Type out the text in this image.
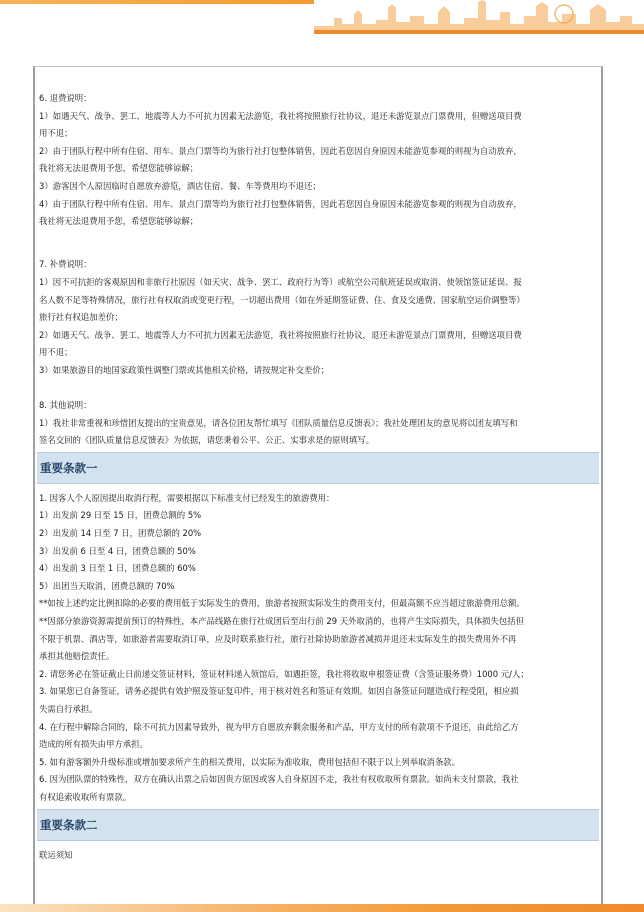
6. 退费说明：

1）如遇天气、战争、罢工、地震等人力不可抗力因素无法游览，我社将按照旅行社协议，退还未游览景点门票费用，但赠送项目费

用不退；

2）由于团队行程中所有住宿、用车、景点门票等均为旅行社打包整体销售，因此若您因自身原因未能游览参观的则视为自动放弃，

我社将无法退费用予您，希望您能够谅解；

3）游客因个人原因临时自愿放弃游览，酒店住宿、餐、车等费用均不退还；

4）由于团队行程中所有住宿、用车、景点门票等均为旅行社打包整体销售，因此若您因自身原因未能游览参观的则视为自动放弃，

我社将无法退费用予您，希望您能够谅解；

7. 补费说明：

1）因不可抗拒的客观原因和非旅行社原因（如天灾、战争、罢工、政府行为等）或航空公司航班延误或取消、使领馆签证延误、报

名人数不足等特殊情况，旅行社有权取消或变更行程，一切超出费用（如在外延期签证费、住、食及交通费、国家航空运价调整等）

旅行社有权追加差价；

2）如遇天气、战争、罢工、地震等人力不可抗力因素无法游览，我社将按照旅行社协议，退还未游览景点门票费用，但赠送项目费

用不退；

3）如果旅游目的地国家政策性调整门票或其他相关价格，请按规定补交差价；

8. 其他说明：

1）我社非常重视和珍惜团友提出的宝贵意见，请各位团友帮忙填写《团队质量信息反馈表》；我社处理团友的意见将以团友填写和

签名交回的《团队质量信息反馈表》为依据，请您秉着公平、公正、实事求是的原则填写。

重要条款一

1. 因客人个人原因提出取消行程，需要根据以下标准支付已经发生的旅游费用：

1）出发前 29 日至 15 日，团费总额的 5%

2）出发前 14 日至 7 日，团费总额的 20%

3）出发前 6 日至 4 日，团费总额的 50%

4）出发前 3 日至 1 日，团费总额的 60%

5）出团当天取消，团费总额的 70%

**如按上述约定比例扣除的必要的费用低于实际发生的费用，旅游者按照实际发生的费用支付，但最高额不应当超过旅游费用总额。

**因部分旅游资源需提前预订的特殊性，本产品线路在旅行社成团后至出行前 29 天外取消的，也将产生实际损失，具体损失包括但

不限于机票、酒店等，如旅游者需要取消订单，应及时联系旅行社，旅行社除协助旅游者减损并退还未实际发生的损失费用外不再

承担其他赔偿责任。

2. 请您务必在签证截止日前递交签证材料，签证材料递入领馆后，如遇拒签，我社将收取申根签证费（含签证服务费）1000 元/人；

3. 如果您已自备签证，请务必提供有效护照及签证复印件，用于核对姓名和签证有效期。如因自备签证问题造成行程受阻，相应损

失需自行承担。

4. 在行程中解除合同的，除不可抗力因素导致外，视为甲方自愿放弃剩余服务和产品，甲方支付的所有款项不予退还，由此给乙方

造成的所有损失由甲方承担。

5. 如有游客额外升级标准或增加要求所产生的相关费用，以实际为准收取，费用包括但不限于以上列举取消条款。

6. 因为团队票的特殊性，双方在确认出票之后如因贵方原因或客人自身原因不走，我社有权收取所有票款。如尚未支付票款，我社

有权追索收取所有票款。

重要条款二

联运须知
